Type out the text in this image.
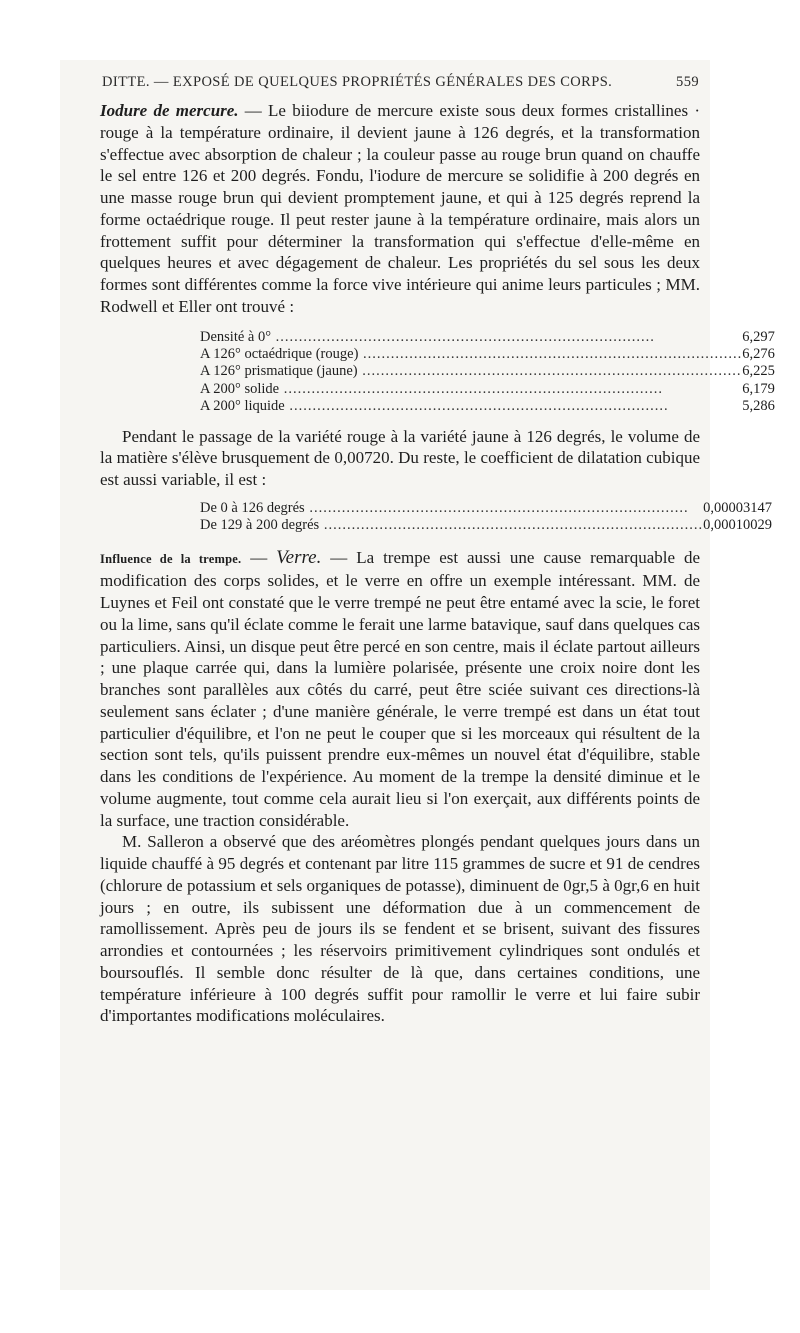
DITTE. — EXPOSÉ DE QUELQUES PROPRIÉTÉS GÉNÉRALES DES CORPS.	559

Iodure de mercure. — Le biiodure de mercure existe sous deux formes cristallines · rouge à la température ordinaire, il devient jaune à 126 degrés, et la transformation s'effectue avec absorption de chaleur ; la couleur passe au rouge brun quand on chauffe le sel entre 126 et 200 degrés. Fondu, l'iodure de mercure se solidifie à 200 degrés en une masse rouge brun qui devient promptement jaune, et qui à 125 degrés reprend la forme octaédrique rouge. Il peut rester jaune à la température ordinaire, mais alors un frottement suffit pour déterminer la transformation qui s'effectue d'elle-même en quelques heures et avec dégagement de chaleur. Les propriétés du sel sous les deux formes sont différentes comme la force vive intérieure qui anime leurs particules ; MM. Rodwell et Eller ont trouvé :

Densité à 0° .....	6,297
A 126° octaédrique (rouge) .....	6,276
A 126° prismatique (jaune) .....	6,225
A 200° solide .....	6,179
A 200° liquide .....	5,286

Pendant le passage de la variété rouge à la variété jaune à 126 degrés, le volume de la matière s'élève brusquement de 0,00720. Du reste, le coefficient de dilatation cubique est aussi variable, il est :

De 0 à 126 degrés .....	0,00003147
De 129 à 200 degrés .....	0,00010029

Influence de la trempe. — Verre. — La trempe est aussi une cause remarquable de modification des corps solides, et le verre en offre un exemple intéressant. MM. de Luynes et Feil ont constaté que le verre trempé ne peut être entamé avec la scie, le foret ou la lime, sans qu'il éclate comme le ferait une larme batavique, sauf dans quelques cas particuliers. Ainsi, un disque peut être percé en son centre, mais il éclate partout ailleurs ; une plaque carrée qui, dans la lumière polarisée, présente une croix noire dont les branches sont parallèles aux côtés du carré, peut être sciée suivant ces directions-là seulement sans éclater ; d'une manière générale, le verre trempé est dans un état tout particulier d'équilibre, et l'on ne peut le couper que si les morceaux qui résultent de la section sont tels, qu'ils puissent prendre eux-mêmes un nouvel état d'équilibre, stable dans les conditions de l'expérience. Au moment de la trempe la densité diminue et le volume augmente, tout comme cela aurait lieu si l'on exerçait, aux différents points de la surface, une traction considérable.

M. Salleron a observé que des aréomètres plongés pendant quelques jours dans un liquide chauffé à 95 degrés et contenant par litre 115 grammes de sucre et 91 de cendres (chlorure de potassium et sels organiques de potasse), diminuent de 0gr,5 à 0gr,6 en huit jours ; en outre, ils subissent une déformation due à un commencement de ramollissement. Après peu de jours ils se fendent et se brisent, suivant des fissures arrondies et contournées ; les réservoirs primitivement cylindriques sont ondulés et boursouflés. Il semble donc résulter de là que, dans certaines conditions, une température inférieure à 100 degrés suffit pour ramollir le verre et lui faire subir d'importantes modifications moléculaires.
